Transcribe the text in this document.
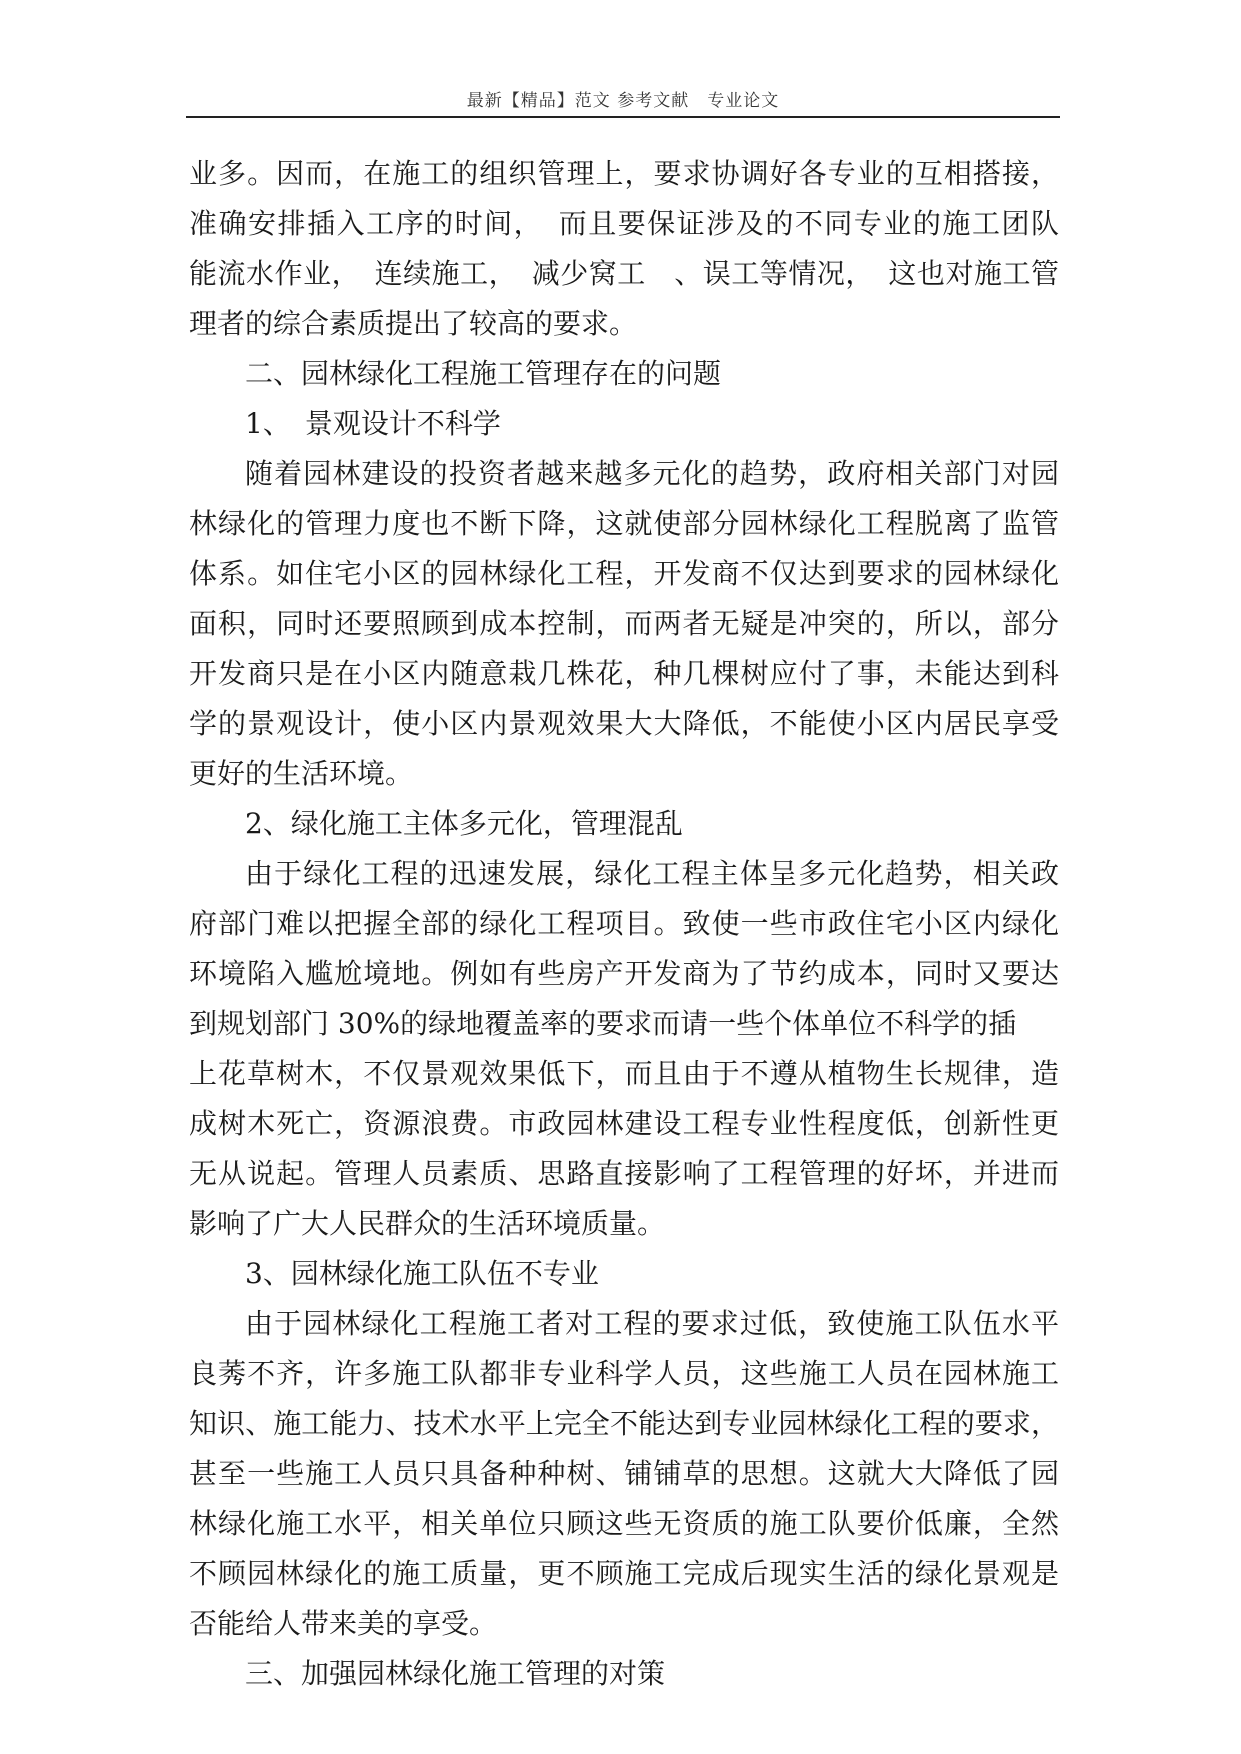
最新【精品】范文 参考文献　专业论文
业多。因而，在施工的组织管理上，要求协调好各专业的互相搭接，
准确安排插入工序的时间，　而且要保证涉及的不同专业的施工团队
能流水作业，　连续施工，　减少窝工　、误工等情况，　这也对施工管
理者的综合素质提出了较高的要求。
二、园林绿化工程施工管理存在的问题
1、　景观设计不科学
随着园林建设的投资者越来越多元化的趋势，政府相关部门对园
林绿化的管理力度也不断下降，这就使部分园林绿化工程脱离了监管
体系。如住宅小区的园林绿化工程，开发商不仅达到要求的园林绿化
面积，同时还要照顾到成本控制，而两者无疑是冲突的，所以，部分
开发商只是在小区内随意栽几株花，种几棵树应付了事，未能达到科
学的景观设计，使小区内景观效果大大降低，不能使小区内居民享受
更好的生活环境。
2、绿化施工主体多元化，管理混乱
由于绿化工程的迅速发展，绿化工程主体呈多元化趋势，相关政
府部门难以把握全部的绿化工程项目。致使一些市政住宅小区内绿化
环境陷入尴尬境地。例如有些房产开发商为了节约成本，同时又要达
到规划部门 30%的绿地覆盖率的要求而请一些个体单位不科学的插
上花草树木，不仅景观效果低下，而且由于不遵从植物生长规律，造
成树木死亡，资源浪费。市政园林建设工程专业性程度低，创新性更
无从说起。管理人员素质、思路直接影响了工程管理的好坏，并进而
影响了广大人民群众的生活环境质量。
3、园林绿化施工队伍不专业
由于园林绿化工程施工者对工程的要求过低，致使施工队伍水平
良莠不齐，许多施工队都非专业科学人员，这些施工人员在园林施工
知识、施工能力、技术水平上完全不能达到专业园林绿化工程的要求，
甚至一些施工人员只具备种种树、铺铺草的思想。这就大大降低了园
林绿化施工水平，相关单位只顾这些无资质的施工队要价低廉，全然
不顾园林绿化的施工质量，更不顾施工完成后现实生活的绿化景观是
否能给人带来美的享受。
三、加强园林绿化施工管理的对策
